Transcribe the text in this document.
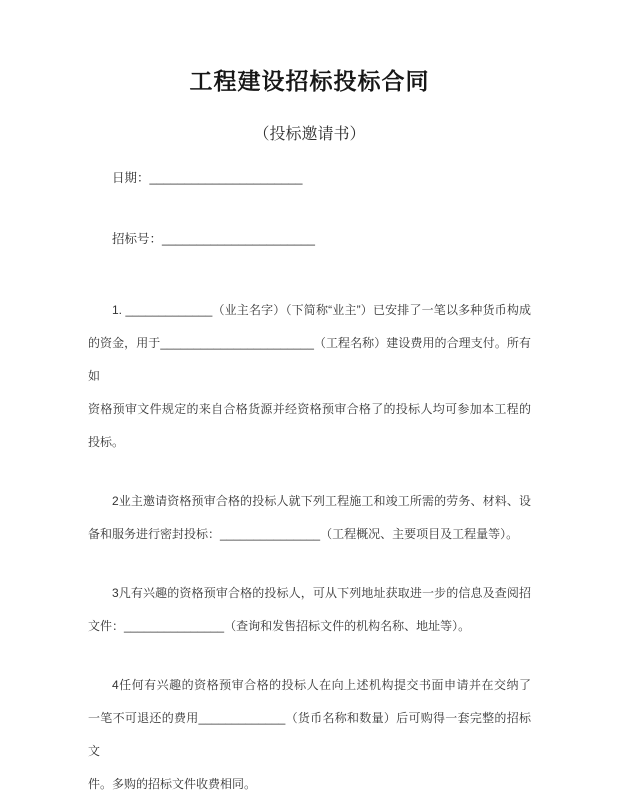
工程建设招标投标合同
（投标邀请书）
日期：______________________
招标号：______________________
1. _____________（业主名字）（下简称“业主”）已安排了一笔以多种货币构成
的资金，用于_______________________（工程名称）建设费用的合理支付。所有如
资格预审文件规定的来自合格货源并经资格预审合格了的投标人均可参加本工程的
投标。
2业主邀请资格预审合格的投标人就下列工程施工和竣工所需的劳务、材料、设
备和服务进行密封投标：_______________（工程概况、主要项目及工程量等）。
3凡有兴趣的资格预审合格的投标人，可从下列地址获取进一步的信息及查阅招
文件：_______________（查询和发售招标文件的机构名称、地址等）。
4任何有兴趣的资格预审合格的投标人在向上述机构提交书面申请并在交纳了
一笔不可退还的费用_____________（货币名称和数量）后可购得一套完整的招标文
件。多购的招标文件收费相同。
